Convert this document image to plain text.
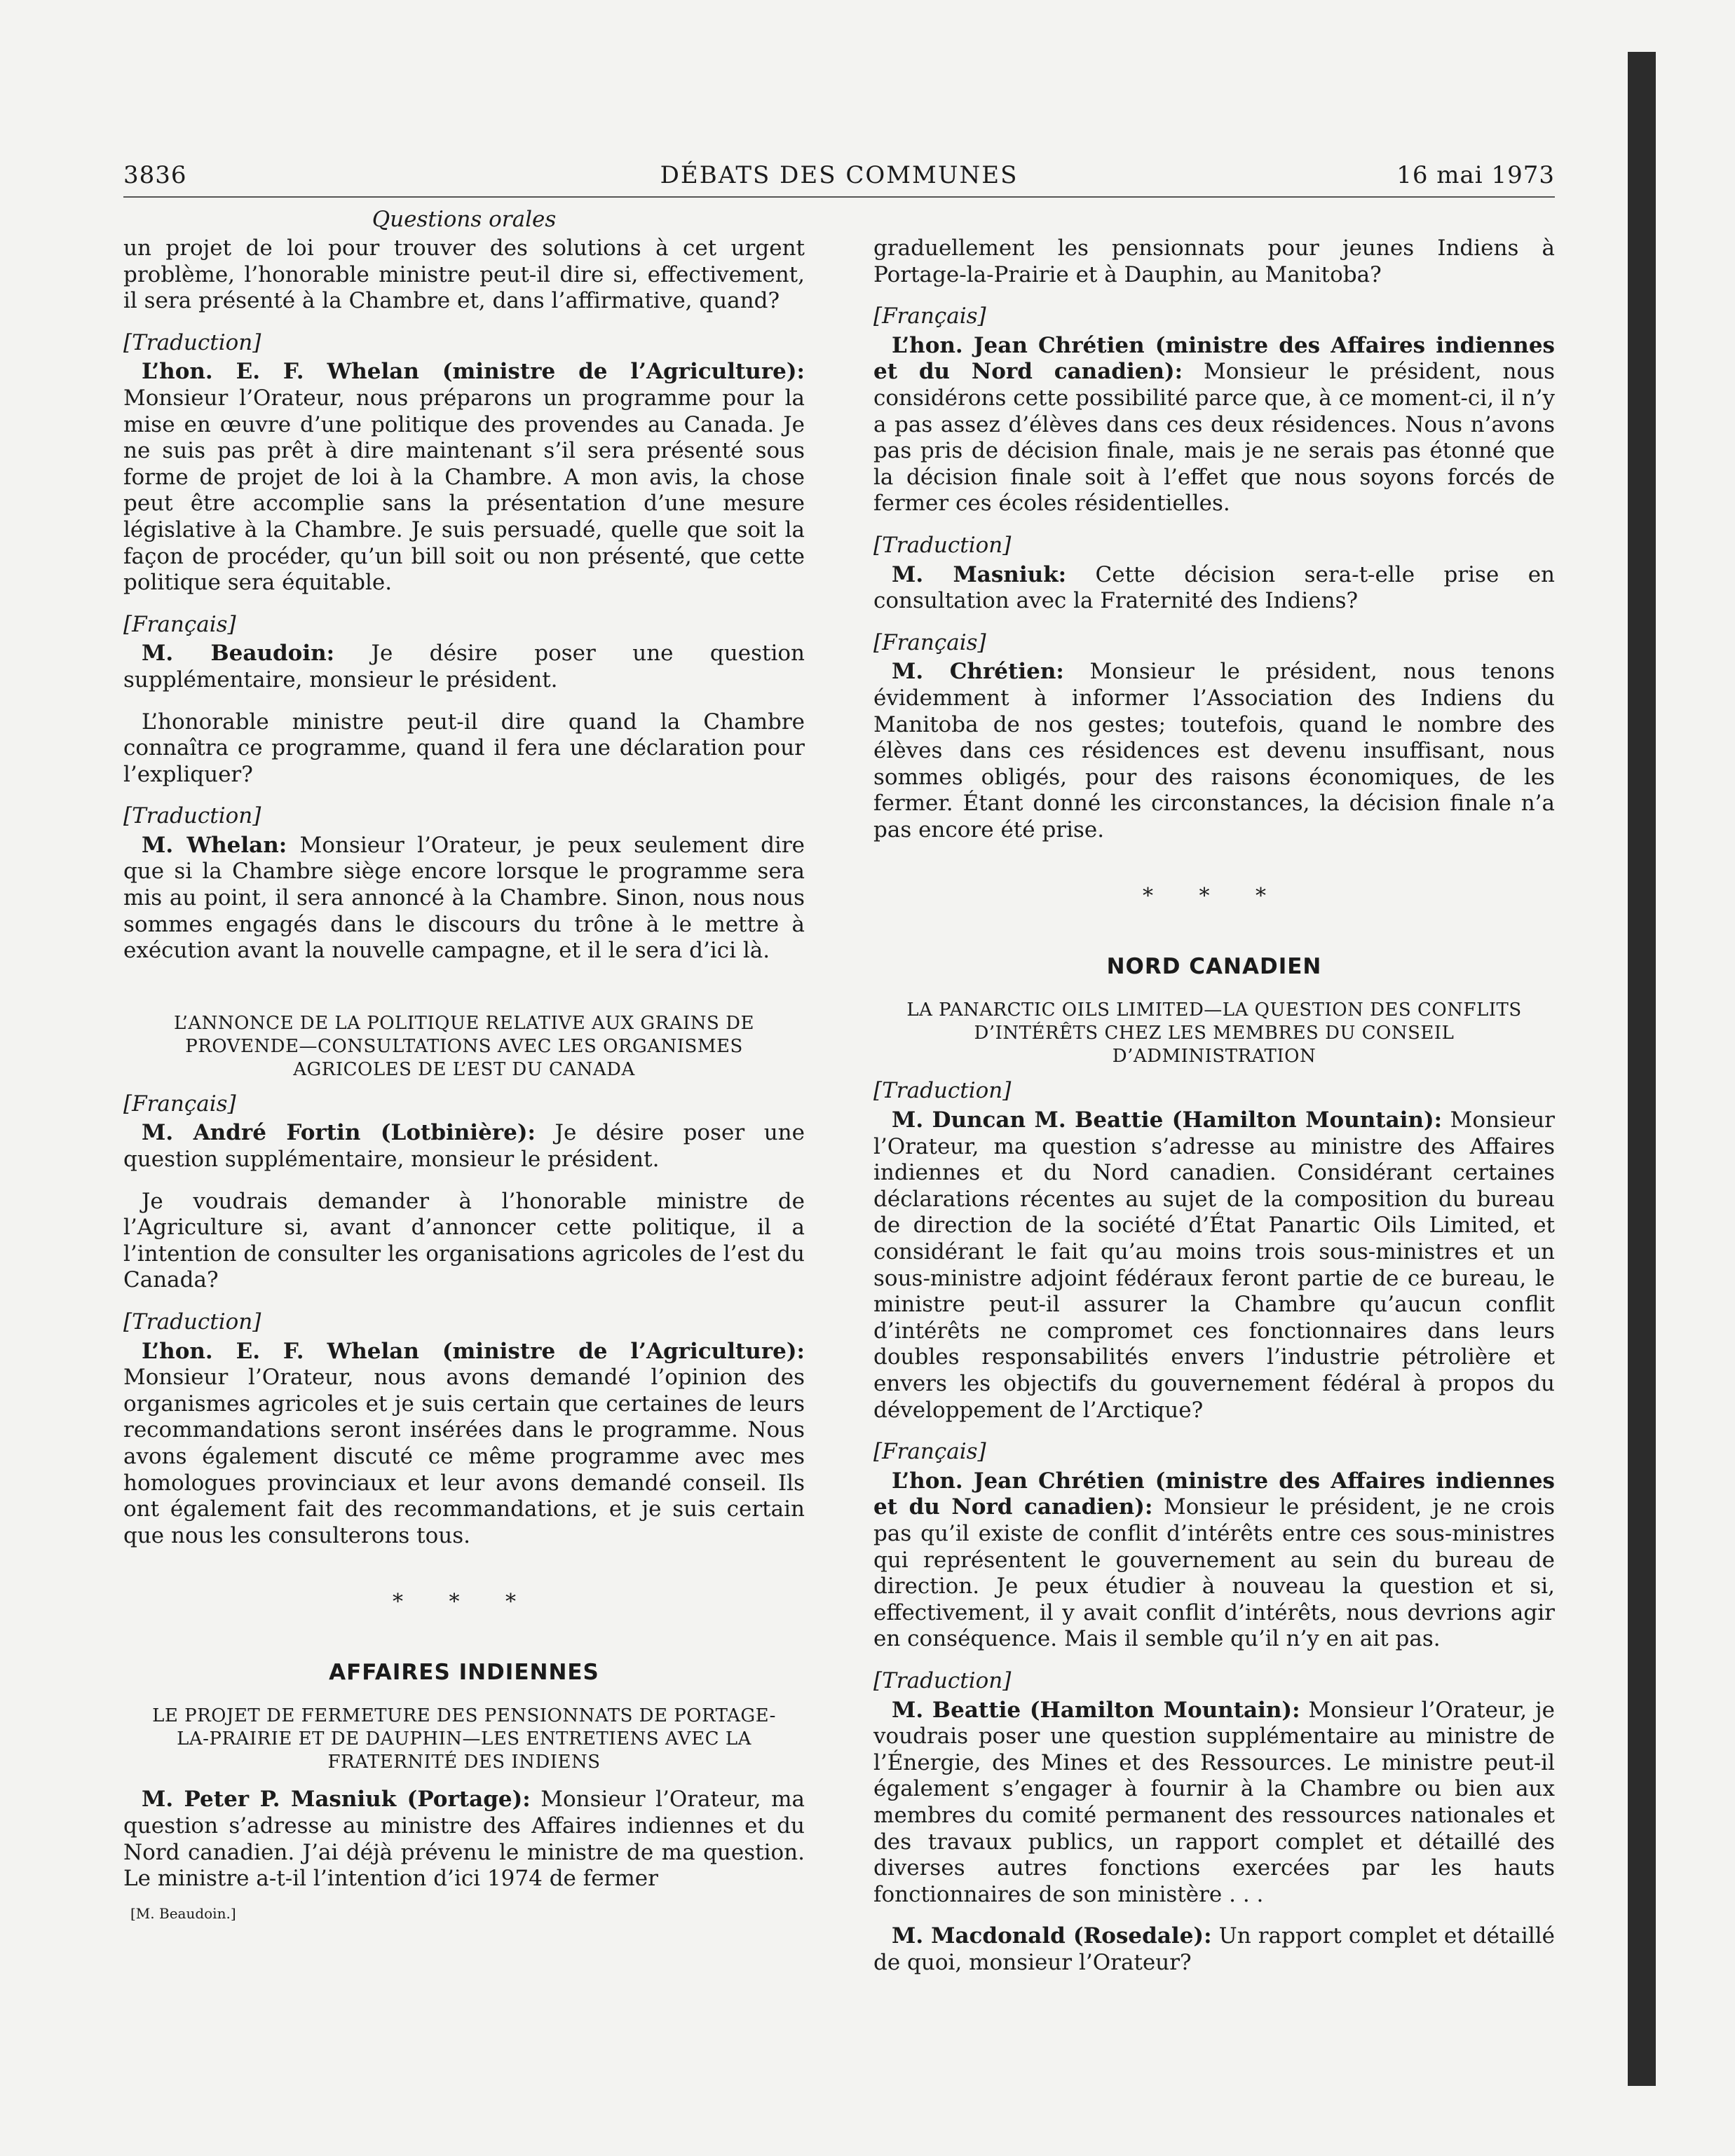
3836	DÉBATS DES COMMUNES	16 mai 1973
Questions orales

un projet de loi pour trouver des solutions à cet urgent problème, l’honorable ministre peut-il dire si, effectivement, il sera présenté à la Chambre et, dans l’affirmative, quand?

[Traduction]

L’hon. E. F. Whelan (ministre de l’Agriculture): Monsieur l’Orateur, nous préparons un programme pour la mise en œuvre d’une politique des provendes au Canada. Je ne suis pas prêt à dire maintenant s’il sera présenté sous forme de projet de loi à la Chambre. A mon avis, la chose peut être accomplie sans la présentation d’une mesure législative à la Chambre. Je suis persuadé, quelle que soit la façon de procéder, qu’un bill soit ou non présenté, que cette politique sera équitable.

[Français]

M. Beaudoin: Je désire poser une question supplémentaire, monsieur le président.

L’honorable ministre peut-il dire quand la Chambre connaîtra ce programme, quand il fera une déclaration pour l’expliquer?

[Traduction]

M. Whelan: Monsieur l’Orateur, je peux seulement dire que si la Chambre siège encore lorsque le programme sera mis au point, il sera annoncé à la Chambre. Sinon, nous nous sommes engagés dans le discours du trône à le mettre à exécution avant la nouvelle campagne, et il le sera d’ici là.

L’ANNONCE DE LA POLITIQUE RELATIVE AUX GRAINS DE PROVENDE—CONSULTATIONS AVEC LES ORGANISMES AGRICOLES DE L’EST DU CANADA
[Français]

M. André Fortin (Lotbinière): Je désire poser une question supplémentaire, monsieur le président.

Je voudrais demander à l’honorable ministre de l’Agriculture si, avant d’annoncer cette politique, il a l’intention de consulter les organisations agricoles de l’est du Canada?

[Traduction]

L’hon. E. F. Whelan (ministre de l’Agriculture): Monsieur l’Orateur, nous avons demandé l’opinion des organismes agricoles et je suis certain que certaines de leurs recommandations seront insérées dans le programme. Nous avons également discuté ce même programme avec mes homologues provinciaux et leur avons demandé conseil. Ils ont également fait des recommandations, et je suis certain que nous les consulterons tous.

* * *
AFFAIRES INDIENNES
LE PROJET DE FERMETURE DES PENSIONNATS DE PORTAGE-LA-PRAIRIE ET DE DAUPHIN—LES ENTRETIENS AVEC LA FRATERNITÉ DES INDIENS

M. Peter P. Masniuk (Portage): Monsieur l’Orateur, ma question s’adresse au ministre des Affaires indiennes et du Nord canadien. J’ai déjà prévenu le ministre de ma question. Le ministre a-t-il l’intention d’ici 1974 de fermer

[M. Beaudoin.]

graduellement les pensionnats pour jeunes Indiens à Portage-la-Prairie et à Dauphin, au Manitoba?

[Français]

L’hon. Jean Chrétien (ministre des Affaires indiennes et du Nord canadien): Monsieur le président, nous considérons cette possibilité parce que, à ce moment-ci, il n’y a pas assez d’élèves dans ces deux résidences. Nous n’avons pas pris de décision finale, mais je ne serais pas étonné que la décision finale soit à l’effet que nous soyons forcés de fermer ces écoles résidentielles.

[Traduction]

M. Masniuk: Cette décision sera-t-elle prise en consultation avec la Fraternité des Indiens?

[Français]

M. Chrétien: Monsieur le président, nous tenons évidemment à informer l’Association des Indiens du Manitoba de nos gestes; toutefois, quand le nombre des élèves dans ces résidences est devenu insuffisant, nous sommes obligés, pour des raisons économiques, de les fermer. Étant donné les circonstances, la décision finale n’a pas encore été prise.

* * *
NORD CANADIEN
LA PANARCTIC OILS LIMITED—LA QUESTION DES CONFLITS D’INTÉRÊTS CHEZ LES MEMBRES DU CONSEIL D’ADMINISTRATION
[Traduction]

M. Duncan M. Beattie (Hamilton Mountain): Monsieur l’Orateur, ma question s’adresse au ministre des Affaires indiennes et du Nord canadien. Considérant certaines déclarations récentes au sujet de la composition du bureau de direction de la société d’État Panartic Oils Limited, et considérant le fait qu’au moins trois sous-ministres et un sous-ministre adjoint fédéraux feront partie de ce bureau, le ministre peut-il assurer la Chambre qu’aucun conflit d’intérêts ne compromet ces fonctionnaires dans leurs doubles responsabilités envers l’industrie pétrolière et envers les objectifs du gouvernement fédéral à propos du développement de l’Arctique?

[Français]

L’hon. Jean Chrétien (ministre des Affaires indiennes et du Nord canadien): Monsieur le président, je ne crois pas qu’il existe de conflit d’intérêts entre ces sous-ministres qui représentent le gouvernement au sein du bureau de direction. Je peux étudier à nouveau la question et si, effectivement, il y avait conflit d’intérêts, nous devrions agir en conséquence. Mais il semble qu’il n’y en ait pas.

[Traduction]

M. Beattie (Hamilton Mountain): Monsieur l’Orateur, je voudrais poser une question supplémentaire au ministre de l’Énergie, des Mines et des Ressources. Le ministre peut-il également s’engager à fournir à la Chambre ou bien aux membres du comité permanent des ressources nationales et des travaux publics, un rapport complet et détaillé des diverses autres fonctions exercées par les hauts fonctionnaires de son ministère . . .

M. Macdonald (Rosedale): Un rapport complet et détaillé de quoi, monsieur l’Orateur?
